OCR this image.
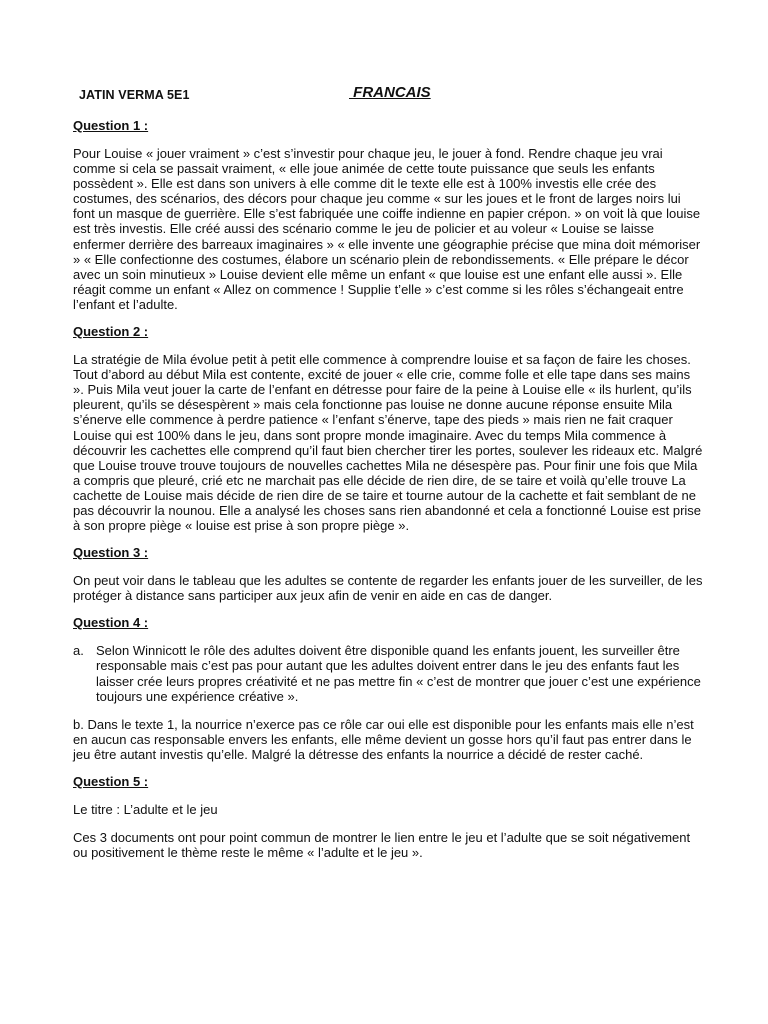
JATIN VERMA 5E1	FRANCAIS

Question 1 :

Pour Louise « jouer vraiment » c’est s’investir pour chaque jeu, le jouer à fond. Rendre chaque jeu vrai comme si cela se passait vraiment, « elle joue animée de cette toute puissance que seuls les enfants possèdent ». Elle est dans son univers à elle comme dit le texte elle est à 100% investis elle crée des costumes, des scénarios, des décors pour chaque jeu comme « sur les joues et le front de larges noirs lui font un masque de guerrière. Elle s’est fabriquée une coiffe indienne en papier crépon. » on voit là que louise est très investis. Elle créé aussi des scénario comme le jeu de policier et au voleur « Louise se laisse enfermer derrière des barreaux imaginaires » « elle invente une géographie précise que mina doit mémoriser » « Elle confectionne des costumes, élabore un scénario plein de rebondissements. « Elle prépare le décor avec un soin minutieux » Louise devient elle même un enfant « que louise est une enfant elle aussi ». Elle réagit comme un enfant « Allez on commence ! Supplie t’elle » c’est comme si les rôles s’échangeait entre l’enfant et l’adulte.

Question 2 :

La stratégie de Mila évolue petit à petit elle commence à comprendre louise et sa façon de faire les choses. Tout d’abord au début Mila est contente, excité de jouer « elle crie, comme folle et elle tape dans ses mains ». Puis Mila veut jouer la carte de l’enfant en détresse pour faire de la peine à Louise elle « ils hurlent, qu’ils pleurent, qu’ils se désespèrent » mais cela fonctionne pas louise ne donne aucune réponse ensuite Mila s’énerve elle commence à perdre patience « l’enfant s’énerve, tape des pieds » mais rien ne fait craquer Louise qui est 100% dans le jeu, dans sont propre monde imaginaire. Avec du temps Mila commence à découvrir les cachettes elle comprend qu’il faut bien chercher tirer les portes, soulever les rideaux etc. Malgré que Louise trouve trouve toujours de nouvelles cachettes Mila ne désespère pas. Pour finir une fois que Mila a compris que pleuré, crié etc ne marchait pas elle décide de rien dire, de se taire et voilà qu’elle trouve La cachette de Louise mais décide de rien dire de se taire et tourne autour de la cachette et fait semblant de ne pas découvrir la nounou. Elle a analysé les choses sans rien abandonné et cela a fonctionné Louise est prise à son propre piège « louise est prise à son propre piège ».

Question 3 :

On peut voir dans le tableau que les adultes se contente de regarder les enfants jouer de les surveiller, de les protéger à distance sans participer aux jeux afin de venir en aide en cas de danger.

Question 4 :

a. Selon Winnicott le rôle des adultes doivent être disponible quand les enfants jouent, les surveiller être responsable mais c’est pas pour autant que les adultes doivent entrer dans le jeu des enfants faut les laisser crée leurs propres créativité et ne pas mettre fin « c’est de montrer que jouer c’est une expérience toujours une expérience créative ».

b. Dans le texte 1, la nourrice n’exerce pas ce rôle car oui elle est disponible pour les enfants mais elle n’est en aucun cas responsable envers les enfants, elle même devient un gosse hors qu’il faut pas entrer dans le jeu être autant investis qu’elle. Malgré la détresse des enfants la nourrice a décidé de rester caché.

Question 5 :

Le titre : L’adulte et le jeu

Ces 3 documents ont pour point commun de montrer le lien entre le jeu et l’adulte que se soit négativement ou positivement le thème reste le même « l’adulte et le jeu ».
